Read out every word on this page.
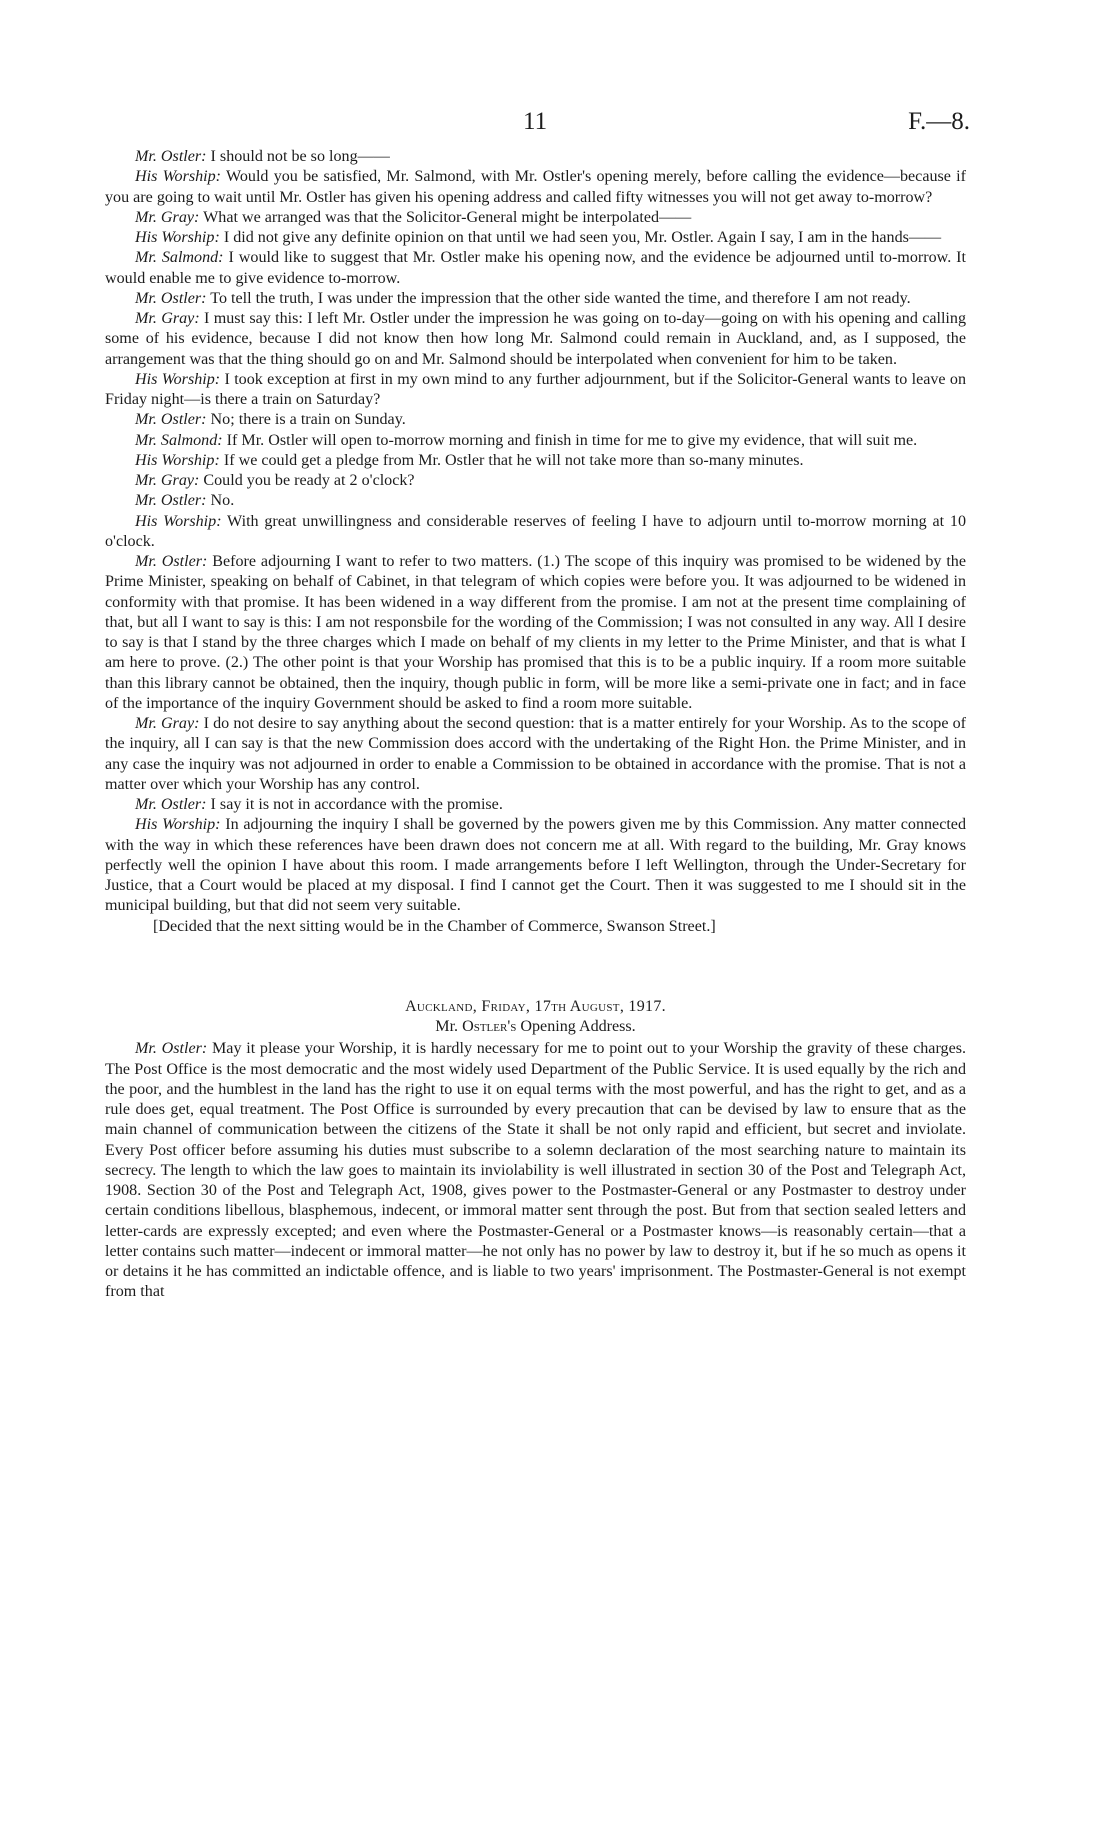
11	F.—8.

Mr. Ostler: I should not be so long——

His Worship: Would you be satisfied, Mr. Salmond, with Mr. Ostler's opening merely, before calling the evidence—because if you are going to wait until Mr. Ostler has given his opening address and called fifty witnesses you will not get away to-morrow?

Mr. Gray: What we arranged was that the Solicitor-General might be interpolated——

His Worship: I did not give any definite opinion on that until we had seen you, Mr. Ostler. Again I say, I am in the hands——

Mr. Salmond: I would like to suggest that Mr. Ostler make his opening now, and the evidence be adjourned until to-morrow. It would enable me to give evidence to-morrow.

Mr. Ostler: To tell the truth, I was under the impression that the other side wanted the time, and therefore I am not ready.

Mr. Gray: I must say this: I left Mr. Ostler under the impression he was going on to-day—going on with his opening and calling some of his evidence, because I did not know then how long Mr. Salmond could remain in Auckland, and, as I supposed, the arrangement was that the thing should go on and Mr. Salmond should be interpolated when convenient for him to be taken.

His Worship: I took exception at first in my own mind to any further adjournment, but if the Solicitor-General wants to leave on Friday night—is there a train on Saturday?

Mr. Ostler: No; there is a train on Sunday.

Mr. Salmond: If Mr. Ostler will open to-morrow morning and finish in time for me to give my evidence, that will suit me.

His Worship: If we could get a pledge from Mr. Ostler that he will not take more than so-many minutes.

Mr. Gray: Could you be ready at 2 o'clock?

Mr. Ostler: No.

His Worship: With great unwillingness and considerable reserves of feeling I have to adjourn until to-morrow morning at 10 o'clock.

Mr. Ostler: Before adjourning I want to refer to two matters. (1.) The scope of this inquiry was promised to be widened by the Prime Minister, speaking on behalf of Cabinet, in that telegram of which copies were before you. It was adjourned to be widened in conformity with that promise. It has been widened in a way different from the promise. I am not at the present time complaining of that, but all I want to say is this: I am not responsbile for the wording of the Commission; I was not consulted in any way. All I desire to say is that I stand by the three charges which I made on behalf of my clients in my letter to the Prime Minister, and that is what I am here to prove. (2.) The other point is that your Worship has promised that this is to be a public inquiry. If a room more suitable than this library cannot be obtained, then the inquiry, though public in form, will be more like a semi-private one in fact; and in face of the importance of the inquiry Government should be asked to find a room more suitable.

Mr. Gray: I do not desire to say anything about the second question: that is a matter entirely for your Worship. As to the scope of the inquiry, all I can say is that the new Commission does accord with the undertaking of the Right Hon. the Prime Minister, and in any case the inquiry was not adjourned in order to enable a Commission to be obtained in accordance with the promise. That is not a matter over which your Worship has any control.

Mr. Ostler: I say it is not in accordance with the promise.

His Worship: In adjourning the inquiry I shall be governed by the powers given me by this Commission. Any matter connected with the way in which these references have been drawn does not concern me at all. With regard to the building, Mr. Gray knows perfectly well the opinion I have about this room. I made arrangements before I left Wellington, through the Under-Secretary for Justice, that a Court would be placed at my disposal. I find I cannot get the Court. Then it was suggested to me I should sit in the municipal building, but that did not seem very suitable.

[Decided that the next sitting would be in the Chamber of Commerce, Swanson Street.]

Auckland, Friday, 17th August, 1917.

Mr. Ostler's Opening Address.

Mr. Ostler: May it please your Worship, it is hardly necessary for me to point out to your Worship the gravity of these charges. The Post Office is the most democratic and the most widely used Department of the Public Service. It is used equally by the rich and the poor, and the humblest in the land has the right to use it on equal terms with the most powerful, and has the right to get, and as a rule does get, equal treatment. The Post Office is surrounded by every precaution that can be devised by law to ensure that as the main channel of communication between the citizens of the State it shall be not only rapid and efficient, but secret and inviolate. Every Post officer before assuming his duties must subscribe to a solemn declaration of the most searching nature to maintain its secrecy. The length to which the law goes to maintain its inviolability is well illustrated in section 30 of the Post and Telegraph Act, 1908. Section 30 of the Post and Telegraph Act, 1908, gives power to the Postmaster-General or any Postmaster to destroy under certain conditions libellous, blasphemous, indecent, or immoral matter sent through the post. But from that section sealed letters and letter-cards are expressly excepted; and even where the Postmaster-General or a Postmaster knows—is reasonably certain—that a letter contains such matter—indecent or immoral matter—he not only has no power by law to destroy it, but if he so much as opens it or detains it he has committed an indictable offence, and is liable to two years' imprisonment. The Postmaster-General is not exempt from that
